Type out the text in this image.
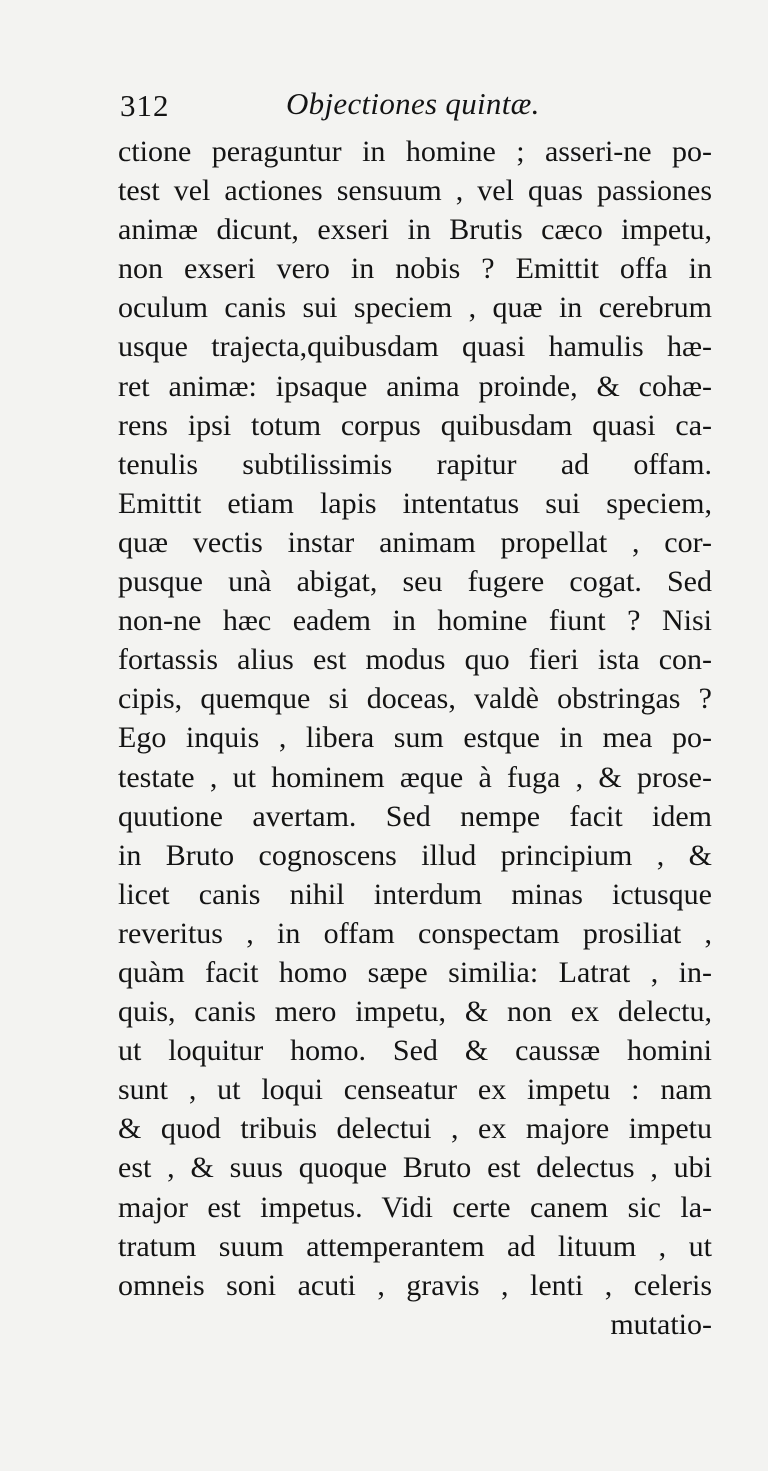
312	Objectiones quintæ.
ctione peraguntur in homine ; asseri-ne po-
test vel actiones sensuum , vel quas passiones
animæ dicunt, exseri in Brutis cæco impetu,
non exseri vero in nobis ? Emittit offa in
oculum canis sui speciem , quæ in cerebrum
usque trajecta,quibusdam quasi hamulis hæ-
ret animæ: ipsaque anima proinde, & cohæ-
rens ipsi totum corpus quibusdam quasi ca-
tenulis subtilissimis rapitur ad offam.
Emittit etiam lapis intentatus sui speciem,
quæ vectis instar animam propellat , cor-
pusque unà abigat, seu fugere cogat. Sed
non-ne hæc eadem in homine fiunt ? Nisi
fortassis alius est modus quo fieri ista con-
cipis, quemque si doceas, valdè obstringas ?
Ego inquis , libera sum estque in mea po-
testate , ut hominem æque à fuga , & prose-
quutione avertam. Sed nempe facit idem
in Bruto cognoscens illud principium , &
licet canis nihil interdum minas ictusque
reveritus , in offam conspectam prosiliat ,
quàm facit homo sæpe similia: Latrat , in-
quis, canis mero impetu, & non ex delectu,
ut loquitur homo. Sed & caussæ homini
sunt , ut loqui censeatur ex impetu : nam
& quod tribuis delectui , ex majore impetu
est , & suus quoque Bruto est delectus , ubi
major est impetus. Vidi certe canem sic la-
tratum suum attemperantem ad lituum , ut
omneis soni acuti , gravis , lenti , celeris
mutatio-
